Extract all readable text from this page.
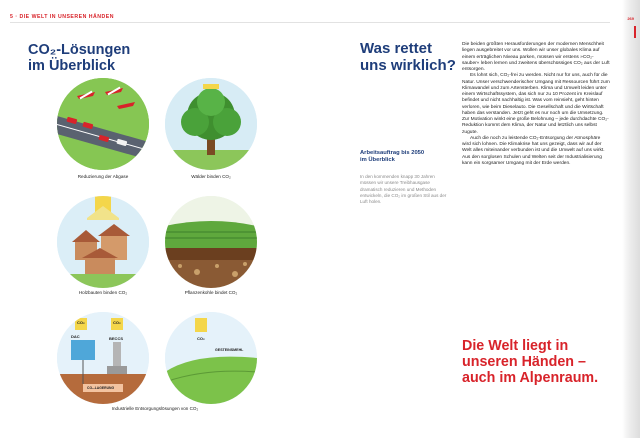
5 · DIE WELT IN UNSEREN HÄNDEN
CO₂-Lösungen
im Überblick
Reduzierung der Abgase	Wälder binden CO₂
Holzbauten binden CO₂	Pflanzenkohle bindet CO₂
CO₂	CO₂
DAC	BECCS
CO₂-LAGERUNG
CO₂
GESTEINSMEHL
Industrielle Entsorgungslösungen von CO₂
Was rettet
uns wirklich?
Arbeitsauftrag bis 2050
im Überblick
In den kommenden knapp 30 Jahren müssen wir unsere Treibhausgase dramatisch reduzieren und Methoden entwickeln, die CO₂ im großen Stil aus der Luft holen.

Die beiden größten Herausforderungen der modernen Menschheit liegen ausgebreitet vor uns. Wollen wir unser globales Klima auf einem erträglichen Niveau parken, müssen wir erstens »CO₂-sauber« leben lernen und zweitens überschüssiges CO₂ aus der Luft entsorgen.

Es lohnt sich, CO₂-frei zu werden. Nicht nur für uns, auch für die Natur. Unser verschwenderischer Umgang mit Ressourcen führt zum Klimawandel und zum Artensterben. Klima und Umwelt leiden unter einem Wirtschaftssystem, das sich nur zu 10 Prozent im Kreislauf befindet und nicht nachhaltig ist. Was vom reinsieht, geht hinten verloren, wie beim Dieselauto. Die Gesellschaft und die Wirtschaft haben das verstanden. Jetzt geht es nur noch um die Umsetzung. Zur Motivation winkt eine große Belohnung – jede durchdachte CO₂-Reduktion kommt dem Klima, der Natur und letztlich uns selbst zugute.

Auch die noch zu leistende CO₂-Entsorgung der Atmosphäre wird sich lohnen. Die Klimakrise hat uns gezeigt, dass wir auf der Welt alles miteinander verbunden ist und die Umwelt auf uns wirkt. Aus den sorglosen Schulen und Welten seit der Industrialisierung kann ein sorgsamer Umgang mit der Erde werden.

Die Welt liegt in
unseren Händen –
auch im Alpenraum.
269
